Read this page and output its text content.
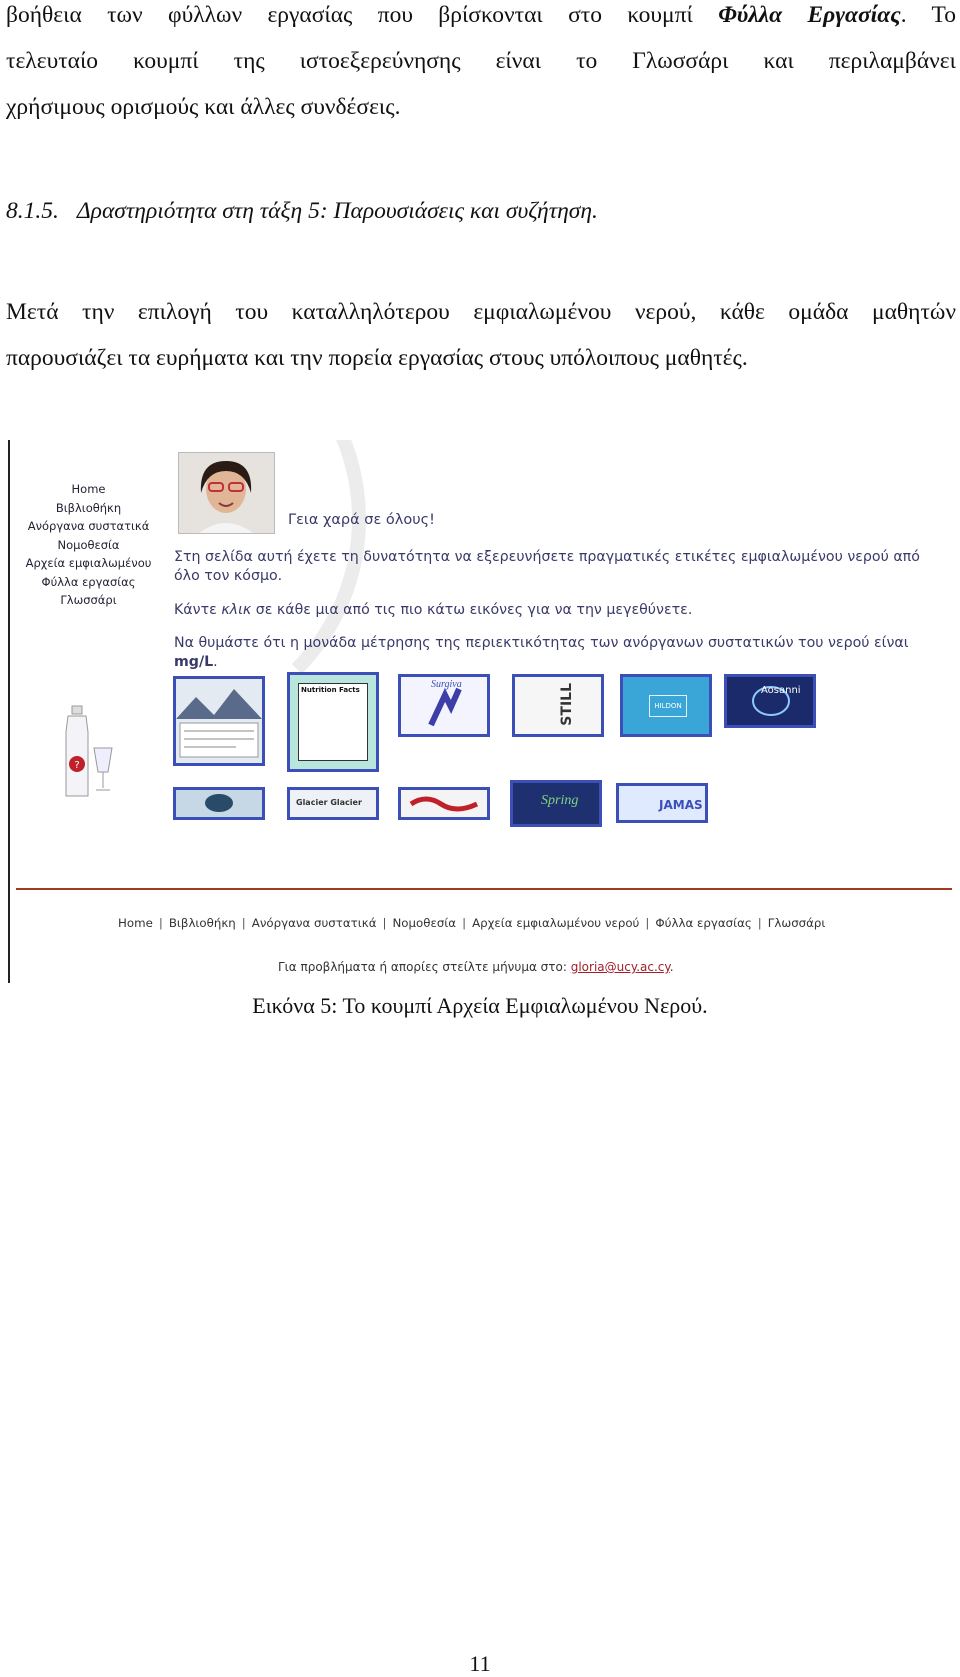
βοήθεια των φύλλων εργασίας που βρίσκονται στο κουμπί Φύλλα Εργασίας. Το
τελευταίο κουμπί της ιστοεξερεύνησης είναι το Γλωσσάρι και περιλαμβάνει
χρήσιμους ορισμούς και άλλες συνδέσεις.

8.1.5. Δραστηριότητα στη τάξη 5: Παρουσιάσεις και συζήτηση.

Μετά την επιλογή του καταλληλότερου εμφιαλωμένου νερού, κάθε ομάδα μαθητών
παρουσιάζει τα ευρήματα και την πορεία εργασίας στους υπόλοιπους μαθητές.
Home
Βιβλιοθήκη
Ανόργανα συστατικά
Νομοθεσία
Αρχεία εμφιαλωμένου
Φύλλα εργασίας
Γλωσσάρι
Γεια χαρά σε όλους!
Στη σελίδα αυτή έχετε τη δυνατότητα να εξερευνήσετε πραγματικές ετικέτες εμφιαλωμένου νερού από όλο τον κόσμο.
Κάντε κλικ σε κάθε μια από τις πιο κάτω εικόνες για να την μεγεθύνετε.
Να θυμάστε ότι η μονάδα μέτρησης της περιεκτικότητας των ανόργανων συστατικών του νερού είναι mg/L.
?
Nutrition Facts	Surgiva	STILL	HILDON
Aosanni
Glacier Glacier	Spring	JAMAS
Home | Βιβλιοθήκη | Ανόργανα συστατικά | Νομοθεσία | Αρχεία εμφιαλωμένου νερού | Φύλλα εργασίας | Γλωσσάρι
Για προβλήματα ή απορίες στείλτε μήνυμα στο: gloria@ucy.ac.cy.

Εικόνα 5: Το κουμπί Αρχεία Εμφιαλωμένου Νερού.

11
